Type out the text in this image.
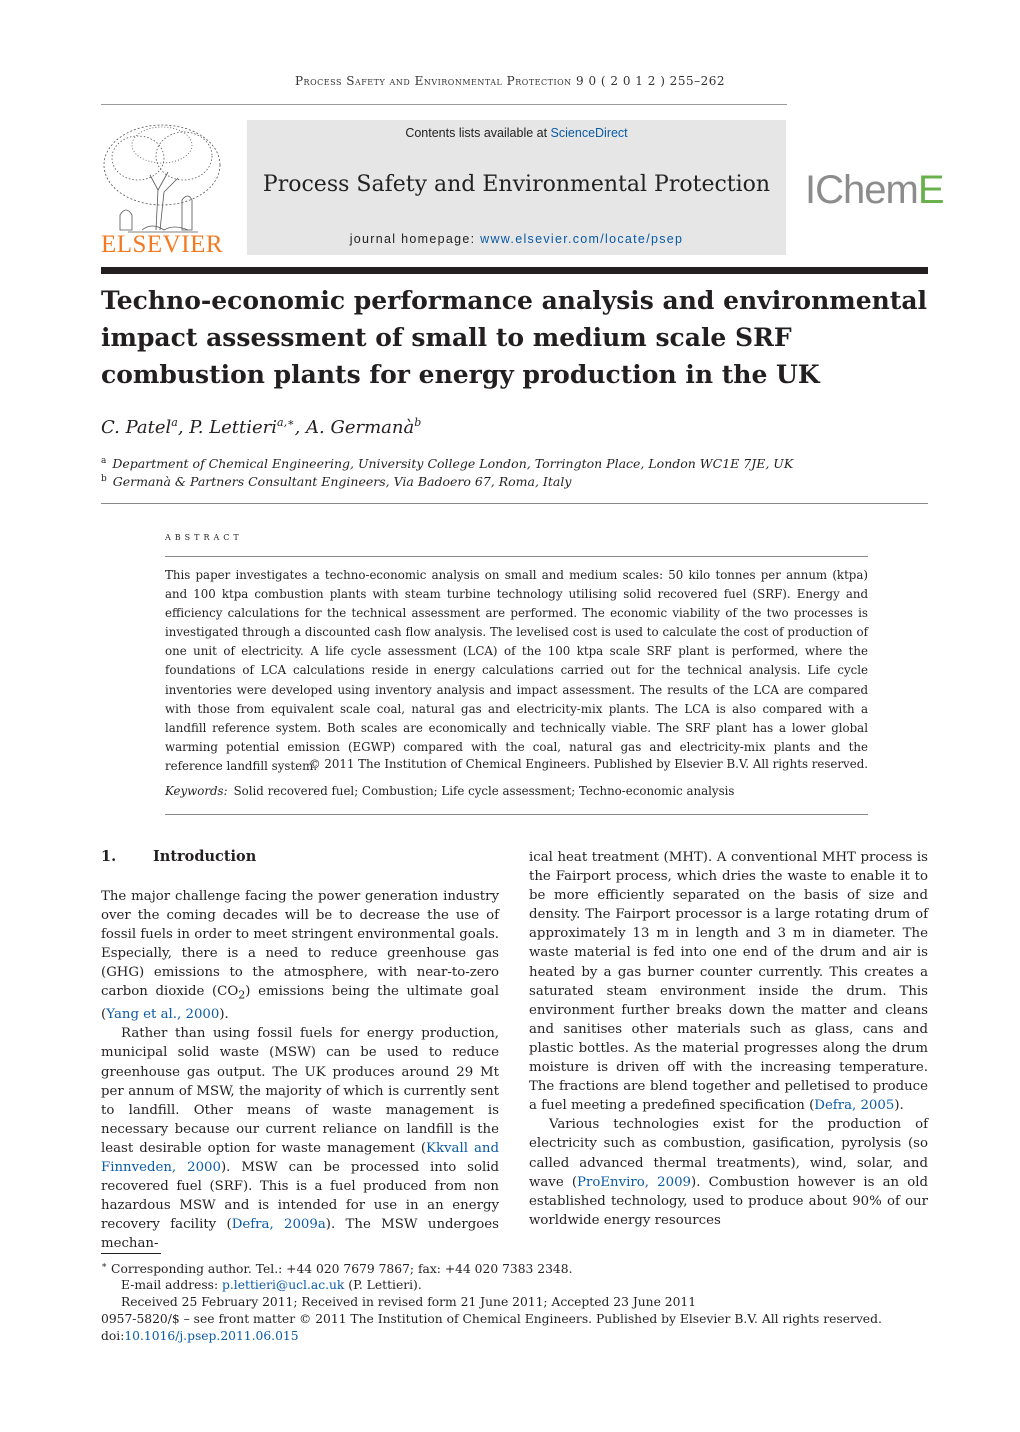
Process Safety and Environmental Protection 9 0 ( 2 0 1 2 ) 255–262
ELSEVIER
Contents lists available at ScienceDirect
Process Safety and Environmental Protection
journal homepage: www.elsevier.com/locate/psep
IChemE
Techno-economic performance analysis and environmental impact assessment of small to medium scale SRF combustion plants for energy production in the UK
C. Patel$^a$, P. Lettieri$^{a,∗}$, A. Germanà$^b$
$^a$ Department of Chemical Engineering, University College London, Torrington Place, London WC1E 7JE, UK
$^b$ Germanà & Partners Consultant Engineers, Via Badoero 67, Roma, Italy
abstract
This paper investigates a techno-economic analysis on small and medium scales: 50 kilo tonnes per annum (ktpa) and 100 ktpa combustion plants with steam turbine technology utilising solid recovered fuel (SRF). Energy and efficiency calculations for the technical assessment are performed. The economic viability of the two processes is investigated through a discounted cash flow analysis. The levelised cost is used to calculate the cost of production of one unit of electricity. A life cycle assessment (LCA) of the 100 ktpa scale SRF plant is performed, where the foundations of LCA calculations reside in energy calculations carried out for the technical analysis. Life cycle inventories were developed using inventory analysis and impact assessment. The results of the LCA are compared with those from equivalent scale coal, natural gas and electricity-mix plants. The LCA is also compared with a landfill reference system. Both scales are economically and technically viable. The SRF plant has a lower global warming potential emission (EGWP) compared with the coal, natural gas and electricity-mix plants and the reference landfill system.
© 2011 The Institution of Chemical Engineers. Published by Elsevier B.V. All rights reserved.
Keywords: Solid recovered fuel; Combustion; Life cycle assessment; Techno-economic analysis
1.	Introduction

The major challenge facing the power generation industry over the coming decades will be to decrease the use of fossil fuels in order to meet stringent environmental goals. Especially, there is a need to reduce greenhouse gas (GHG) emissions to the atmosphere, with near-to-zero carbon dioxide $(CO_2)$ emissions being the ultimate goal (Yang et al., 2000).

Rather than using fossil fuels for energy production, municipal solid waste (MSW) can be used to reduce greenhouse gas output. The UK produces around 29 Mt per annum of MSW, the majority of which is currently sent to landfill. Other means of waste management is necessary because our current reliance on landfill is the least desirable option for waste management (Kkvall and Finnveden, 2000). MSW can be processed into solid recovered fuel (SRF). This is a fuel produced from non hazardous MSW and is intended for use in an energy recovery facility (Defra, 2009a). The MSW undergoes mechan-

ical heat treatment (MHT). A conventional MHT process is the Fairport process, which dries the waste to enable it to be more efficiently separated on the basis of size and density. The Fairport processor is a large rotating drum of approximately 13 m in length and 3 m in diameter. The waste material is fed into one end of the drum and air is heated by a gas burner counter currently. This creates a saturated steam environment inside the drum. This environment further breaks down the matter and cleans and sanitises other materials such as glass, cans and plastic bottles. As the material progresses along the drum moisture is driven off with the increasing temperature. The fractions are blend together and pelletised to produce a fuel meeting a predefined specification (Defra, 2005).

Various technologies exist for the production of electricity such as combustion, gasification, pyrolysis (so called advanced thermal treatments), wind, solar, and wave (ProEnviro, 2009). Combustion however is an old established technology, used to produce about 90% of our worldwide energy resources

∗ Corresponding author. Tel.: +44 020 7679 7867; fax: +44 020 7383 2348.
E-mail address: p.lettieri@ucl.ac.uk (P. Lettieri).
Received 25 February 2011; Received in revised form 21 June 2011; Accepted 23 June 2011
0957-5820/$ – see front matter © 2011 The Institution of Chemical Engineers. Published by Elsevier B.V. All rights reserved.
doi:10.1016/j.psep.2011.06.015
